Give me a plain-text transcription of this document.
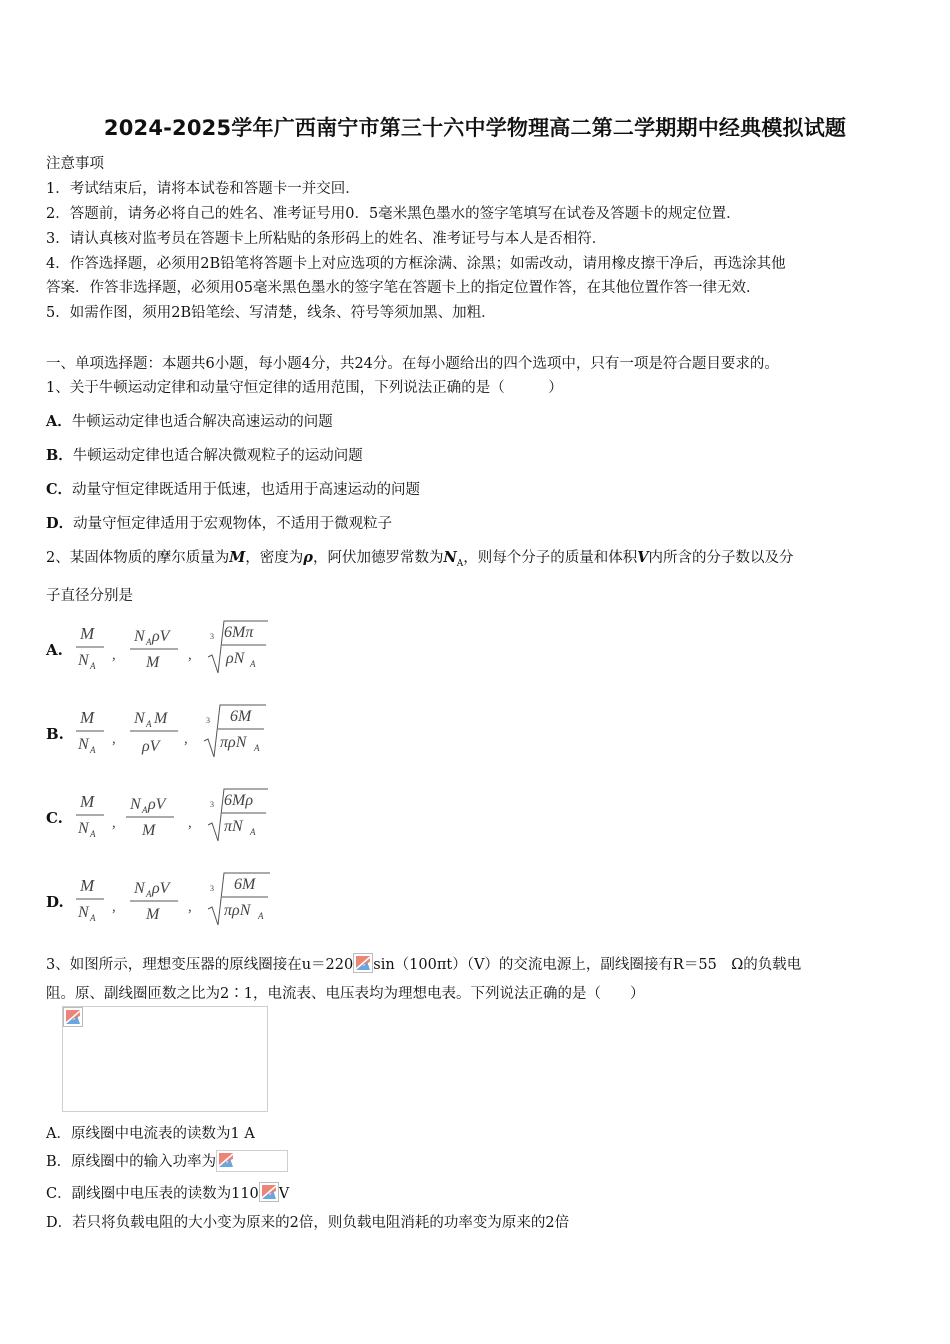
2024-2025学年广西南宁市第三十六中学物理高二第二学期期中经典模拟试题
注意事项
1．考试结束后，请将本试卷和答题卡一并交回．
2．答题前，请务必将自己的姓名、准考证号用0．5毫米黑色墨水的签字笔填写在试卷及答题卡的规定位置．
3．请认真核对监考员在答题卡上所粘贴的条形码上的姓名、准考证号与本人是否相符．
4．作答选择题，必须用2B铅笔将答题卡上对应选项的方框涂满、涂黑；如需改动，请用橡皮擦干净后，再选涂其他
答案．作答非选择题，必须用05毫米黑色墨水的签字笔在答题卡上的指定位置作答，在其他位置作答一律无效．
5．如需作图，须用2B铅笔绘、写清楚，线条、符号等须加黑、加粗．
一、单项选择题：本题共6小题，每小题4分，共24分。在每小题给出的四个选项中，只有一项是符合题目要求的。
1、关于牛顿运动定律和动量守恒定律的适用范围，下列说法正确的是（　　　）
A．牛顿运动定律也适合解决高速运动的问题
B．牛顿运动定律也适合解决微观粒子的运动问题
C．动量守恒定律既适用于低速，也适用于高速运动的问题
D．动量守恒定律适用于宏观物体，不适用于微观粒子
2、某固体物质的摩尔质量为M，密度为ρ，阿伏加德罗常数为$N_A$，则每个分子的质量和体积V内所含的分子数以及分
子直径分别是
A.
M
N A
,
N A ρV
M ,
3 6Mπ
ρN A
B.
M
N A
,
N A M
ρV ,
3 6M
πρN A
C.
M
N A
,
N A ρV
M ,
3 6Mρ
πN A
D.
M
N A
,
N A ρV
M ,
3 6M
πρN A
3、如图所示，理想变压器的原线圈接在u＝220 sin（100πt）（V）的交流电源上，副线圈接有R＝55　Ω的负载电
阻。原、副线圈匝数之比为2∶1，电流表、电压表均为理想电表。下列说法正确的是（　　）
A．原线圈中电流表的读数为1 A
B．原线圈中的输入功率为
C．副线圈中电压表的读数为110 V
D．若只将负载电阻的大小变为原来的2倍，则负载电阻消耗的功率变为原来的2倍
